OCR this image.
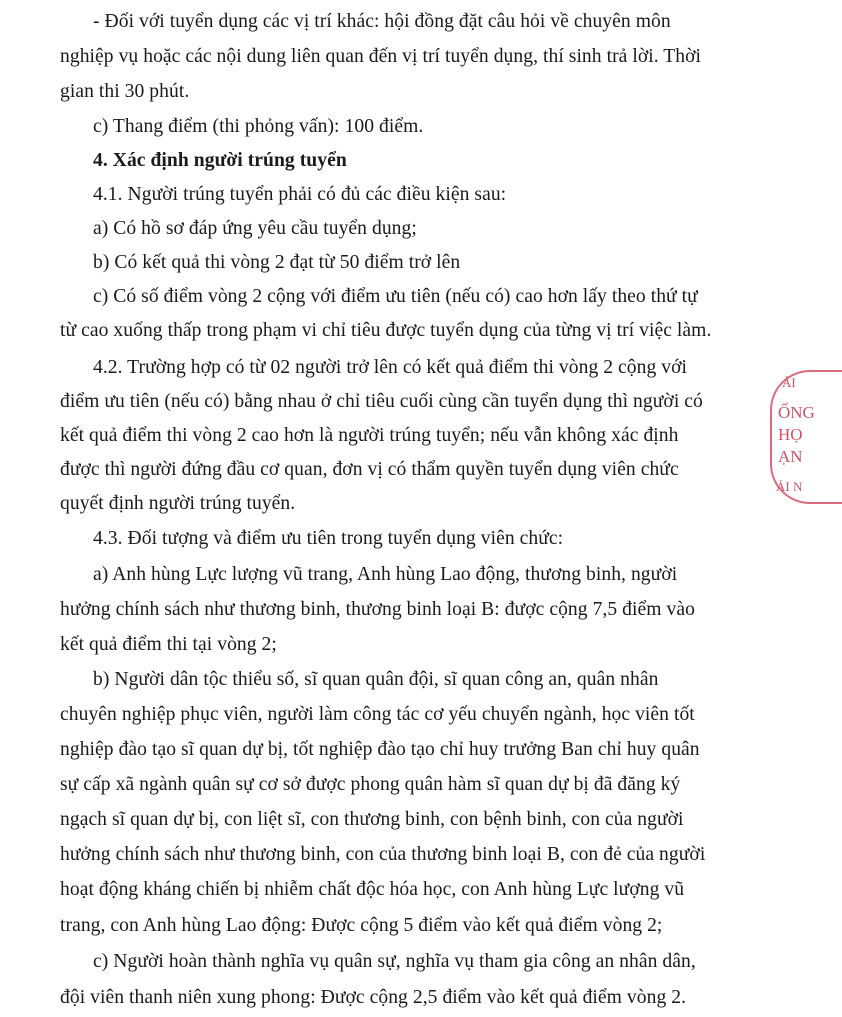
- Đối với tuyển dụng các vị trí khác: hội đồng đặt câu hỏi về chuyên môn
nghiệp vụ hoặc các nội dung liên quan đến vị trí tuyển dụng, thí sinh trả lời. Thời
gian thi 30 phút.
c) Thang điểm (thi phỏng vấn): 100 điểm.
4. Xác định người trúng tuyển
4.1. Người trúng tuyển phải có đủ các điều kiện sau:
a) Có hồ sơ đáp ứng yêu cầu tuyển dụng;
b) Có kết quả thi vòng 2 đạt từ 50 điểm trở lên
c) Có số điểm vòng 2 cộng với điểm ưu tiên (nếu có) cao hơn lấy theo thứ tự
từ cao xuống thấp trong phạm vi chỉ tiêu được tuyển dụng của từng vị trí việc làm.
4.2. Trường hợp có từ 02 người trở lên có kết quả điểm thi vòng 2 cộng với
điểm ưu tiên (nếu có) bằng nhau ở chỉ tiêu cuối cùng cần tuyển dụng thì người có
kết quả điểm thi vòng 2 cao hơn là người trúng tuyển; nếu vẫn không xác định
được thì người đứng đầu cơ quan, đơn vị có thẩm quyền tuyển dụng viên chức
quyết định người trúng tuyển.
4.3. Đối tượng và điểm ưu tiên trong tuyển dụng viên chức:
a) Anh hùng Lực lượng vũ trang, Anh hùng Lao động, thương binh, người
hưởng chính sách như thương binh, thương binh loại B: được cộng 7,5 điểm vào
kết quả điểm thi tại vòng 2;
b) Người dân tộc thiểu số, sĩ quan quân đội, sĩ quan công an, quân nhân
chuyên nghiệp phục viên, người làm công tác cơ yếu chuyển ngành, học viên tốt
nghiệp đào tạo sĩ quan dự bị, tốt nghiệp đào tạo chỉ huy trưởng Ban chỉ huy quân
sự cấp xã ngành quân sự cơ sở được phong quân hàm sĩ quan dự bị đã đăng ký
ngạch sĩ quan dự bị, con liệt sĩ, con thương binh, con bệnh binh, con của người
hưởng chính sách như thương binh, con của thương binh loại B, con đẻ của người
hoạt động kháng chiến bị nhiễm chất độc hóa học, con Anh hùng Lực lượng vũ
trang, con Anh hùng Lao động: Được cộng 5 điểm vào kết quả điểm vòng 2;
c) Người hoàn thành nghĩa vụ quân sự, nghĩa vụ tham gia công an nhân dân,
đội viên thanh niên xung phong: Được cộng 2,5 điểm vào kết quả điểm vòng 2.
ẢI
ỐNG
HỌ
ẠN
ẢI N
